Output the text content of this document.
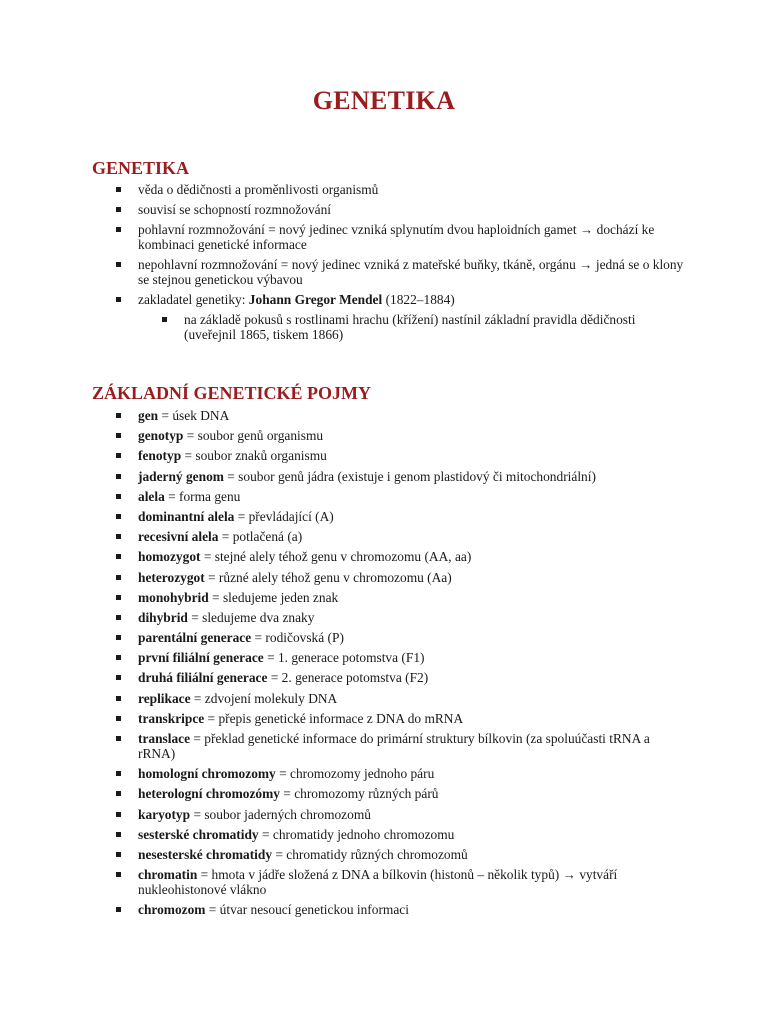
GENETIKA
GENETIKA
věda o dědičnosti a proměnlivosti organismů
souvisí se schopností rozmnožování
pohlavní rozmnožování = nový jedinec vzniká splynutím dvou haploidních gamet → dochází ke kombinaci genetické informace
nepohlavní rozmnožování = nový jedinec vzniká z mateřské buňky, tkáně, orgánu → jedná se o klony se stejnou genetickou výbavou
zakladatel genetiky: Johann Gregor Mendel (1822–1884)
na základě pokusů s rostlinami hrachu (křížení) nastínil základní pravidla dědičnosti (uveřejnil 1865, tiskem 1866)
ZÁKLADNÍ GENETICKÉ POJMY
gen = úsek DNA
genotyp = soubor genů organismu
fenotyp = soubor znaků organismu
jaderný genom = soubor genů jádra (existuje i genom plastidový či mitochondriální)
alela = forma genu
dominantní alela = převládající (A)
recesivní alela = potlačená (a)
homozygot = stejné alely téhož genu v chromozomu (AA, aa)
heterozygot = různé alely téhož genu v chromozomu (Aa)
monohybrid = sledujeme jeden znak
dihybrid = sledujeme dva znaky
parentální generace = rodičovská (P)
první filiální generace = 1. generace potomstva (F1)
druhá filiální generace = 2. generace potomstva (F2)
replikace = zdvojení molekuly DNA
transkripce = přepis genetické informace z DNA do mRNA
translace = překlad genetické informace do primární struktury bílkovin (za spoluúčasti tRNA a rRNA)
homologní chromozomy = chromozomy jednoho páru
heterologní chromozómy = chromozomy různých párů
karyotyp = soubor jaderných chromozomů
sesterské chromatidy = chromatidy jednoho chromozomu
nesesterské chromatidy = chromatidy různých chromozomů
chromatin = hmota v jádře složená z DNA a bílkovin (histonů – několik typů) → vytváří nukleohistonové vlákno
chromozom = útvar nesoucí genetickou informaci
